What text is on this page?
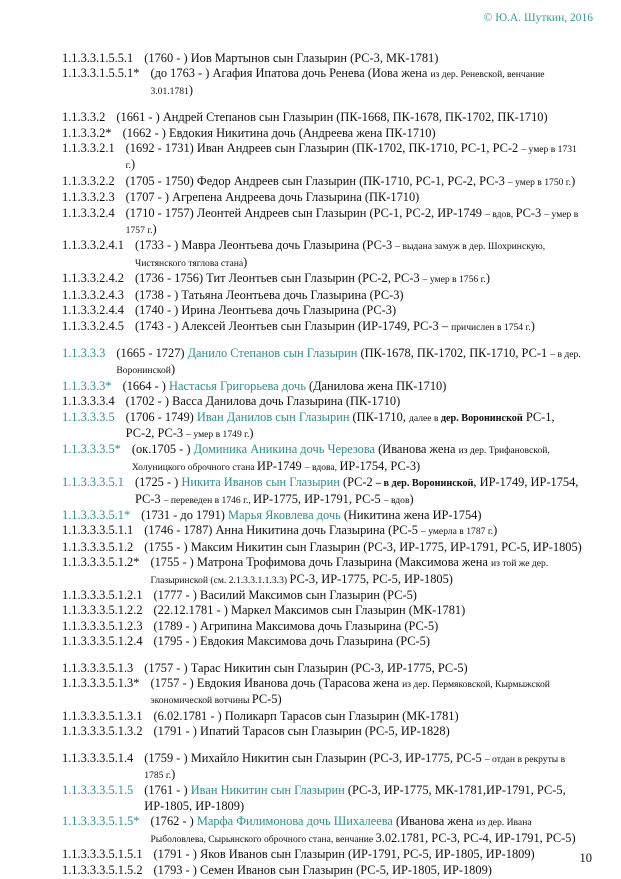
© Ю.А. Шуткин, 2016
1.1.3.3.1.5.5.1 (1760 - ) Иов Мартынов сын Глазырин (РС-3, МК-1781)
1.1.3.3.1.5.5.1* (до 1763 - ) Агафия Ипатова дочь Ренева (Иова жена из дер. Реневской, венчание 3.01.1781)
1.1.3.3.2 (1661 - ) Андрей Степанов сын Глазырин (ПК-1668, ПК-1678, ПК-1702, ПК-1710)
1.1.3.3.2* (1662 - ) Евдокия Никитина дочь (Андреева жена ПК-1710)
1.1.3.3.2.1 (1692 - 1731) Иван Андреев сын Глазырин (ПК-1702, ПК-1710, РС-1, РС-2 – умер в 1731 г.)
1.1.3.3.2.2 (1705 - 1750) Федор Андреев сын Глазырин (ПК-1710, РС-1, РС-2, РС-3 – умер в 1750 г.)
1.1.3.3.2.3 (1707 - ) Агрепена Андреева дочь Глазырина (ПК-1710)
1.1.3.3.2.4 (1710 - 1757) Леонтей Андреев сын Глазырин (РС-1, РС-2, ИР-1749 – вдов, РС-3 – умер в 1757 г.)
1.1.3.3.2.4.1 (1733 - ) Мавра Леонтьева дочь Глазырина (РС-3 – выдана замуж в дер. Шохринскую, Чистянского тяглова стана)
1.1.3.3.2.4.2 (1736 - 1756) Тит Леонтьев сын Глазырин (РС-2, РС-3 – умер в 1756 г.)
1.1.3.3.2.4.3 (1738 - ) Татьяна Леонтьева дочь Глазырина (РС-3)
1.1.3.3.2.4.4 (1740 - ) Ирина Леонтьева дочь Глазырина (РС-3)
1.1.3.3.2.4.5 (1743 - ) Алексей Леонтьев сын Глазырин (ИР-1749, РС-3 – причислен в 1754 г.)
1.1.3.3.3 (1665 - 1727) Данило Степанов сын Глазырин (ПК-1678, ПК-1702, ПК-1710, РС-1 – в дер. Воронинской)
1.1.3.3.3* (1664 - ) Настасья Григорьева дочь (Данилова жена ПК-1710)
1.1.3.3.3.4 (1702 - ) Васса Данилова дочь Глазырина (ПК-1710)
1.1.3.3.3.5 (1706 - 1749) Иван Данилов сын Глазырин (ПК-1710, далее в дер. Воронинской РС-1, РС-2, РС-3 – умер в 1749 г.)
1.1.3.3.3.5* (ок.1705 - ) Доминика Аникина дочь Черезова (Иванова жена из дер. Трифановской, Холуницкого оброчного стана ИР-1749 – вдова, ИР-1754, РС-3)
1.1.3.3.3.5.1 (1725 - ) Никита Иванов сын Глазырин (РС-2 – в дер. Воронинской, ИР-1749, ИР-1754, РС-3 – переведен в 1746 г., ИР-1775, ИР-1791, РС-5 – вдов)
1.1.3.3.3.5.1* (1731 - до 1791) Марья Яковлева дочь (Никитина жена ИР-1754)
1.1.3.3.3.5.1.1 (1746 - 1787) Анна Никитина дочь Глазырина (РС-5 – умерла в 1787 г.)
1.1.3.3.3.5.1.2 (1755 - ) Максим Никитин сын Глазырин (РС-3, ИР-1775, ИР-1791, РС-5, ИР-1805)
1.1.3.3.3.5.1.2* (1755 - ) Матрона Трофимова дочь Глазырина (Максимова жена из той же дер. Глазыринской (см. 2.1.3.3.1.1.3.3) РС-3, ИР-1775, РС-5, ИР-1805)
1.1.3.3.3.5.1.2.1 (1777 - ) Василий Максимов сын Глазырин (РС-5)
1.1.3.3.3.5.1.2.2 (22.12.1781 - ) Маркел Максимов сын Глазырин (МК-1781)
1.1.3.3.3.5.1.2.3 (1789 - ) Агрипина Максимова дочь Глазырина (РС-5)
1.1.3.3.3.5.1.2.4 (1795 - ) Евдокия Максимова дочь Глазырина (РС-5)
1.1.3.3.3.5.1.3 (1757 - ) Тарас Никитин сын Глазырин (РС-3, ИР-1775, РС-5)
1.1.3.3.3.5.1.3* (1757 - ) Евдокия Иванова дочь (Тарасова жена из дер. Пермяковской, Кырмыжской экономической вотчины РС-5)
1.1.3.3.3.5.1.3.1 (6.02.1781 - ) Поликарп Тарасов сын Глазырин (МК-1781)
1.1.3.3.3.5.1.3.2 (1791 - ) Ипатий Тарасов сын Глазырин (РС-5, ИР-1828)
1.1.3.3.3.5.1.4 (1759 - ) Михайло Никитин сын Глазырин (РС-3, ИР-1775, РС-5 – отдан в рекруты в 1785 г.)
1.1.3.3.3.5.1.5 (1761 - ) Иван Никитин сын Глазырин (РС-3, ИР-1775, МК-1781,ИР-1791, РС-5, ИР-1805, ИР-1809)
1.1.3.3.3.5.1.5* (1762 - ) Марфа Филимонова дочь Шихалеева (Иванова жена из дер. Ивана Рыболовлева, Сырьянского оброчного стана, венчание 3.02.1781, РС-3, РС-4, ИР-1791, РС-5)
1.1.3.3.3.5.1.5.1 (1791 - ) Яков Иванов сын Глазырин (ИР-1791, РС-5, ИР-1805, ИР-1809)
1.1.3.3.3.5.1.5.2 (1793 - ) Семен Иванов сын Глазырин (РС-5, ИР-1805, ИР-1809)
10
